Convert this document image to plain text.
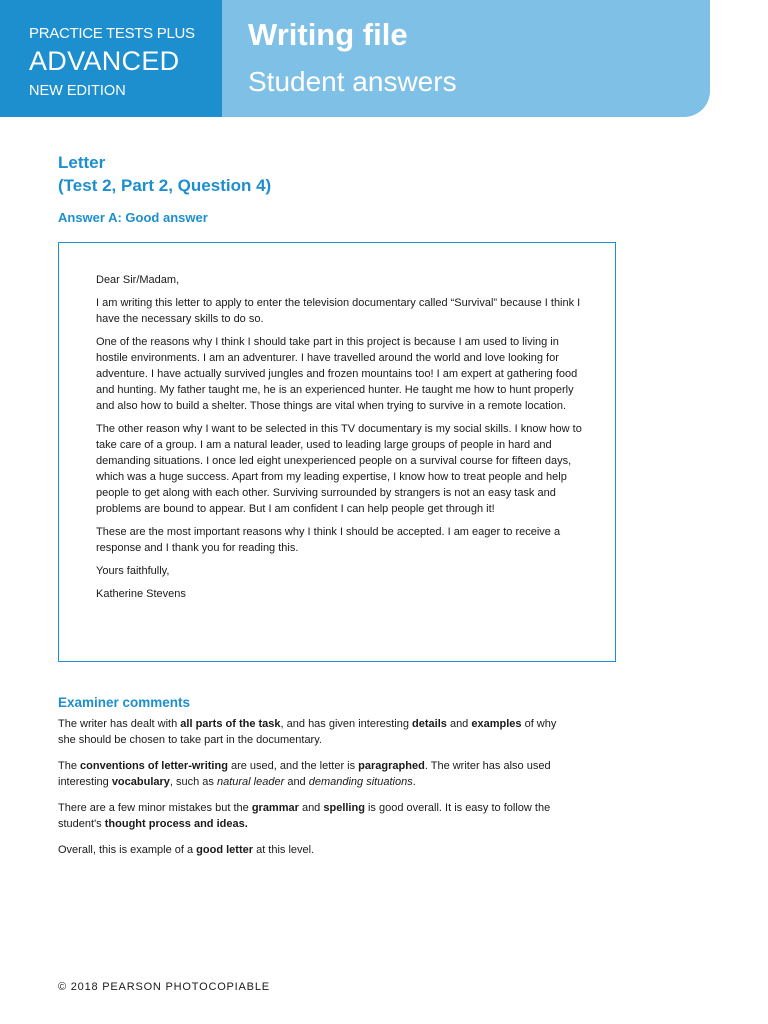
PRACTICE TESTS PLUS
ADVANCED
NEW EDITION
Writing file
Student answers
Letter
(Test 2, Part 2, Question 4)
Answer A: Good answer

Dear Sir/Madam,

I am writing this letter to apply to enter the television documentary called “Survival” because I think I have the necessary skills to do so.

One of the reasons why I think I should take part in this project is because I am used to living in hostile environments. I am an adventurer. I have travelled around the world and love looking for adventure. I have actually survived jungles and frozen mountains too! I am expert at gathering food and hunting. My father taught me, he is an experienced hunter. He taught me how to hunt properly and also how to build a shelter. Those things are vital when trying to survive in a remote location.

The other reason why I want to be selected in this TV documentary is my social skills. I know how to take care of a group. I am a natural leader, used to leading large groups of people in hard and demanding situations. I once led eight unexperienced people on a survival course for fifteen days, which was a huge success. Apart from my leading expertise, I know how to treat people and help people to get along with each other. Surviving surrounded by strangers is not an easy task and problems are bound to appear. But I am confident I can help people get through it!

These are the most important reasons why I think I should be accepted. I am eager to receive a response and I thank you for reading this.

Yours faithfully,

Katherine Stevens

Examiner comments

The writer has dealt with all parts of the task, and has given interesting details and examples of why she should be chosen to take part in the documentary.

The conventions of letter-writing are used, and the letter is paragraphed. The writer has also used interesting vocabulary, such as natural leader and demanding situations.

There are a few minor mistakes but the grammar and spelling is good overall. It is easy to follow the student's thought process and ideas.

Overall, this is example of a good letter at this level.

© 2018 PEARSON PHOTOCOPIABLE
